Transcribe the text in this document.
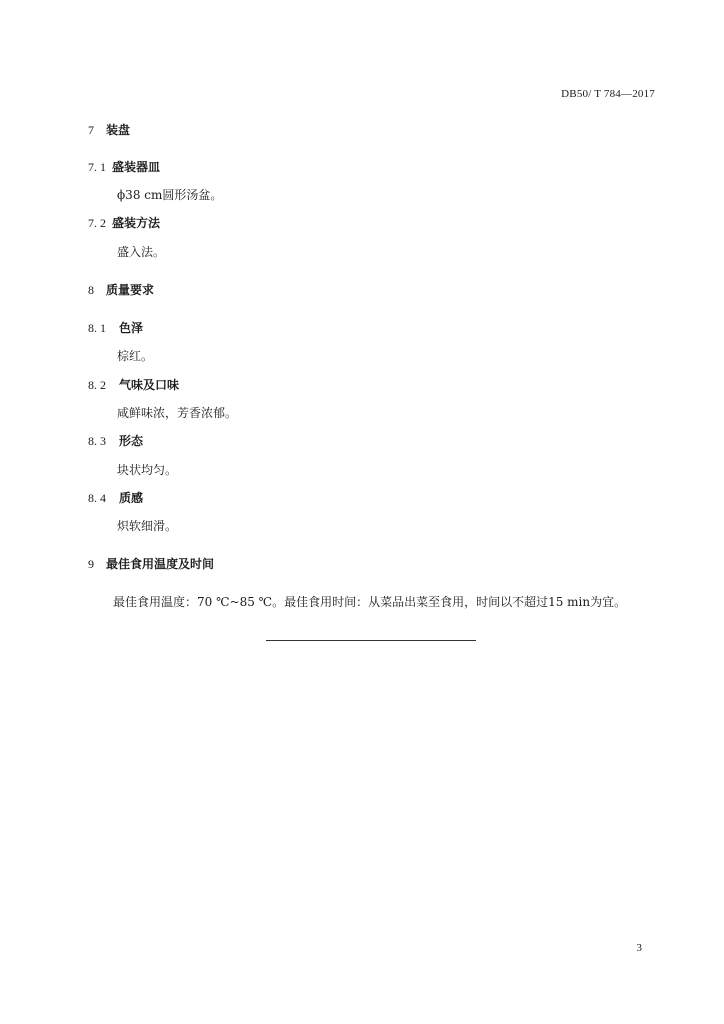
DB50/ T 784—2017
7 装盘
7. 1 盛装器皿
ϕ38 cm圆形汤盆。
7. 2 盛装方法
盛入法。
8 质量要求
8. 1 色泽
棕红。
8. 2 气味及口味
咸鲜味浓，芳香浓郁。
8. 3 形态
块状均匀。
8. 4 质感
炽软细滑。
9 最佳食用温度及时间
最佳食用温度：70 ℃~85 ℃。最佳食用时间：从菜品出菜至食用，时间以不超过15 min为宜。
3
